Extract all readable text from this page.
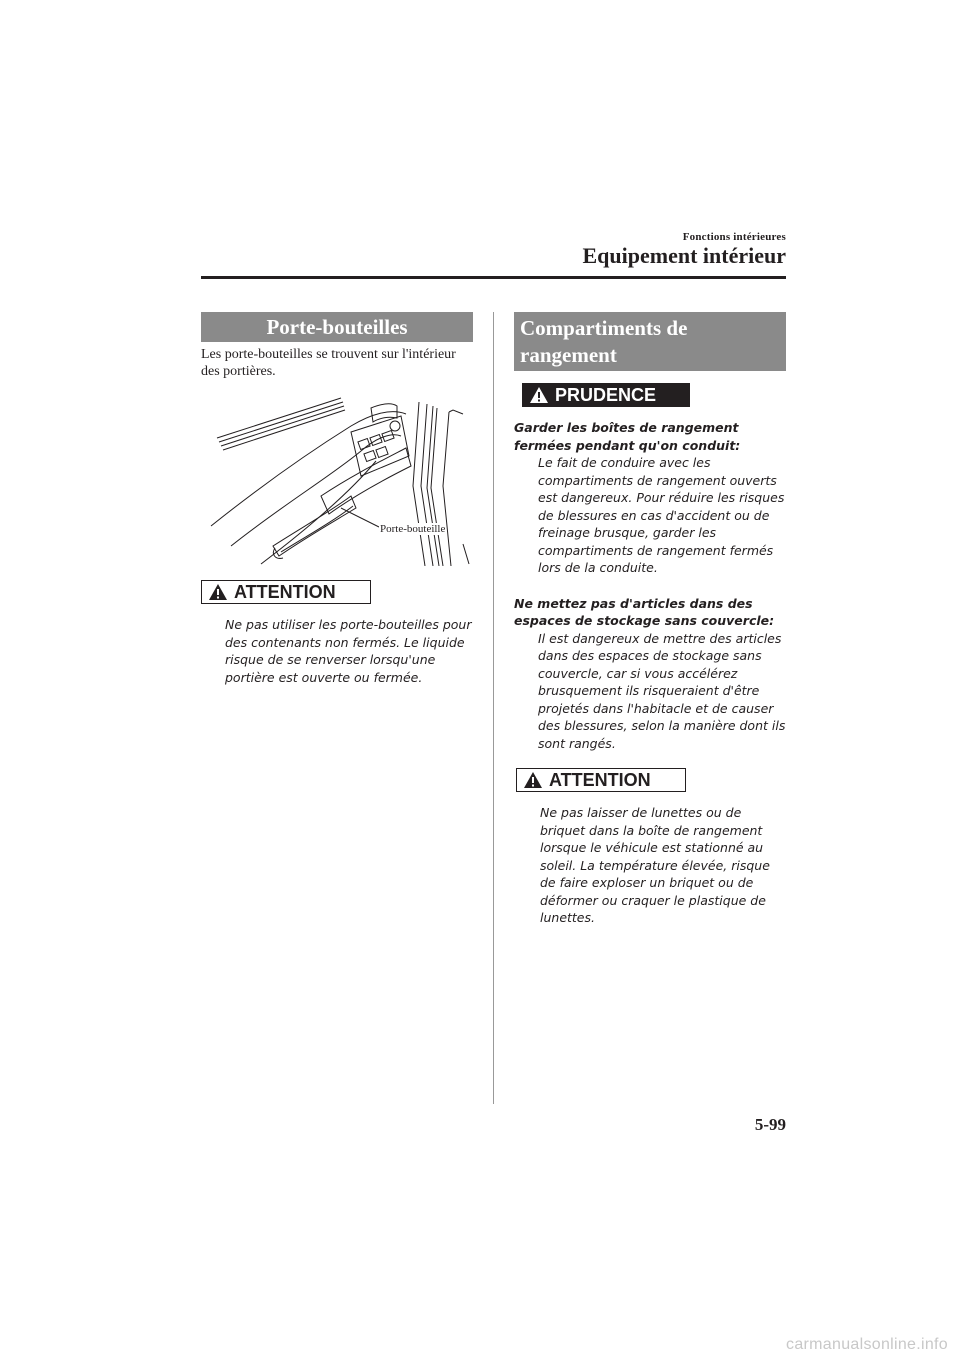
Fonctions intérieures
Equipement intérieur
Porte-bouteilles
Les porte-bouteilles se trouvent sur l'intérieur des portières.
Porte-bouteille
ATTENTION
Ne pas utiliser les porte-bouteilles pour des contenants non fermés. Le liquide risque de se renverser lorsqu'une portière est ouverte ou fermée.
Compartiments de rangement
PRUDENCE
Garder les boîtes de rangement fermées pendant qu'on conduit:
Le fait de conduire avec les compartiments de rangement ouverts est dangereux. Pour réduire les risques de blessures en cas d'accident ou de freinage brusque, garder les compartiments de rangement fermés lors de la conduite.
Ne mettez pas d'articles dans des espaces de stockage sans couvercle:
Il est dangereux de mettre des articles dans des espaces de stockage sans couvercle, car si vous accélérez brusquement ils risqueraient d'être projetés dans l'habitacle et de causer des blessures, selon la manière dont ils sont rangés.
ATTENTION
Ne pas laisser de lunettes ou de briquet dans la boîte de rangement lorsque le véhicule est stationné au soleil. La température élevée, risque de faire exploser un briquet ou de déformer ou craquer le plastique de lunettes.
5-99
carmanualsonline.info
